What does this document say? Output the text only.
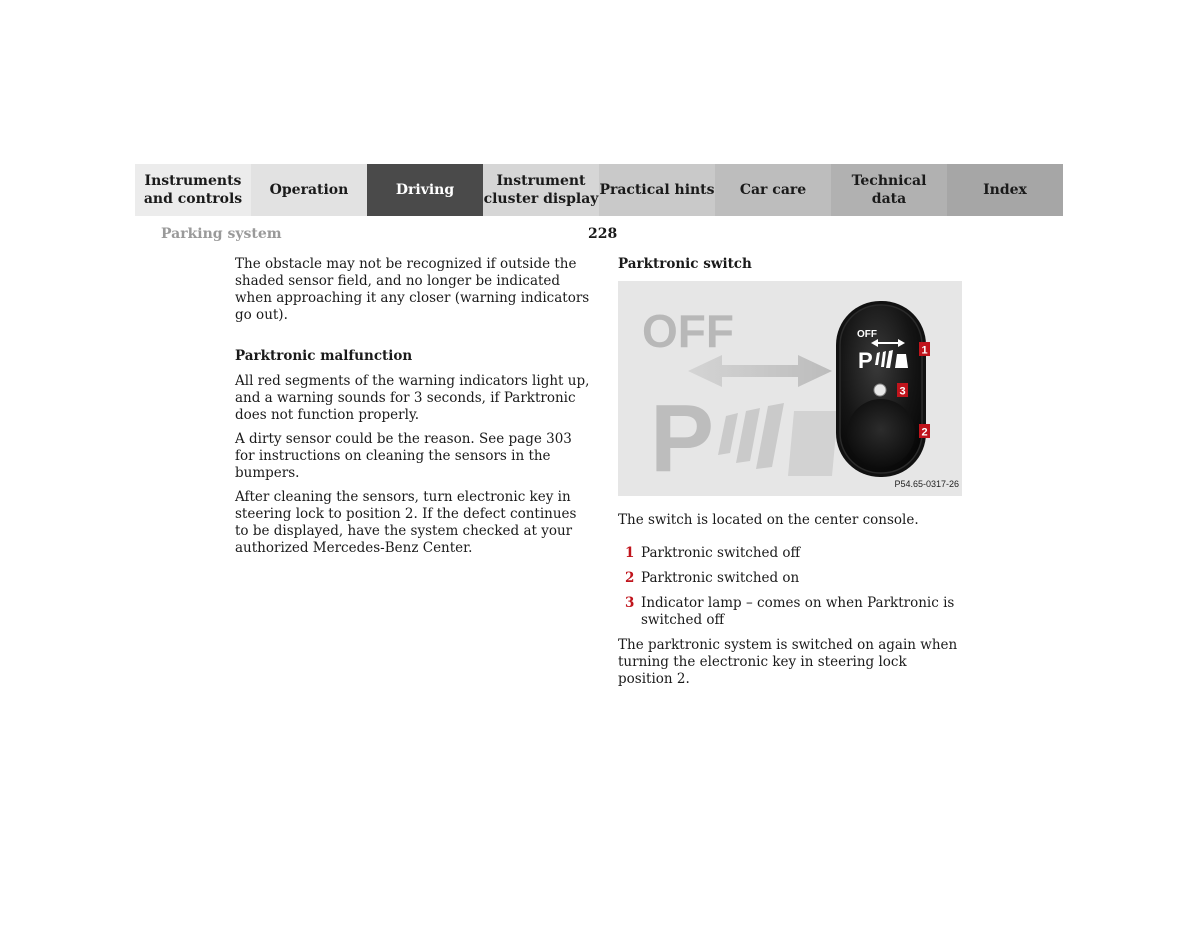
Instruments
and controls
Operation	Driving
Instrument
cluster display
Practical hints	Car care
Technical
data
Index
Parking system	228

The obstacle may not be recognized if outside the shaded sensor field, and no longer be indicated when approaching it any closer (warning indicators go out).

Parktronic malfunction

All red segments of the warning indicators light up, and a warning sounds for 3 seconds, if Parktronic does not function properly.

A dirty sensor could be the reason. See page 303 for instructions on cleaning the sensors in the bumpers.

After cleaning the sensors, turn electronic key in steering lock to position 2. If the defect continues to be displayed, have the system checked at your authorized Mercedes-Benz Center.

Parktronic switch
OFF
P
OFF
P	1
3
2
P54.65-0317-26

The switch is located on the center console.

1 Parktronic switched off
2 Parktronic switched on
3 Indicator lamp – comes on when Parktronic is switched off

The parktronic system is switched on again when turning the electronic key in steering lock position 2.
